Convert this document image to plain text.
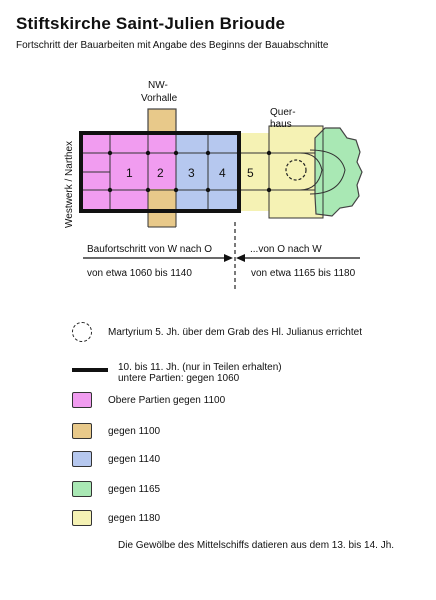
Stiftskirche Saint-Julien Brioude
Fortschritt der Bauarbeiten mit Angabe des Beginns der Bauabschnitte
1 2 3 4 5
NW-
Vorhalle
Quer-
haus
Westwerk / Narthex
Baufortschritt von W nach O	...von O nach W
von etwa 1060 bis 1140	von etwa 1165 bis 1180
Martyrium 5. Jh. über dem Grab des Hl. Julianus errichtet
10. bis 11. Jh. (nur in Teilen erhalten)
untere Partien: gegen 1060
Obere Partien gegen 1100
gegen 1100
gegen 1140
gegen 1165
gegen 1180
Die Gewölbe des Mittelschiffs datieren aus dem 13. bis 14. Jh.
